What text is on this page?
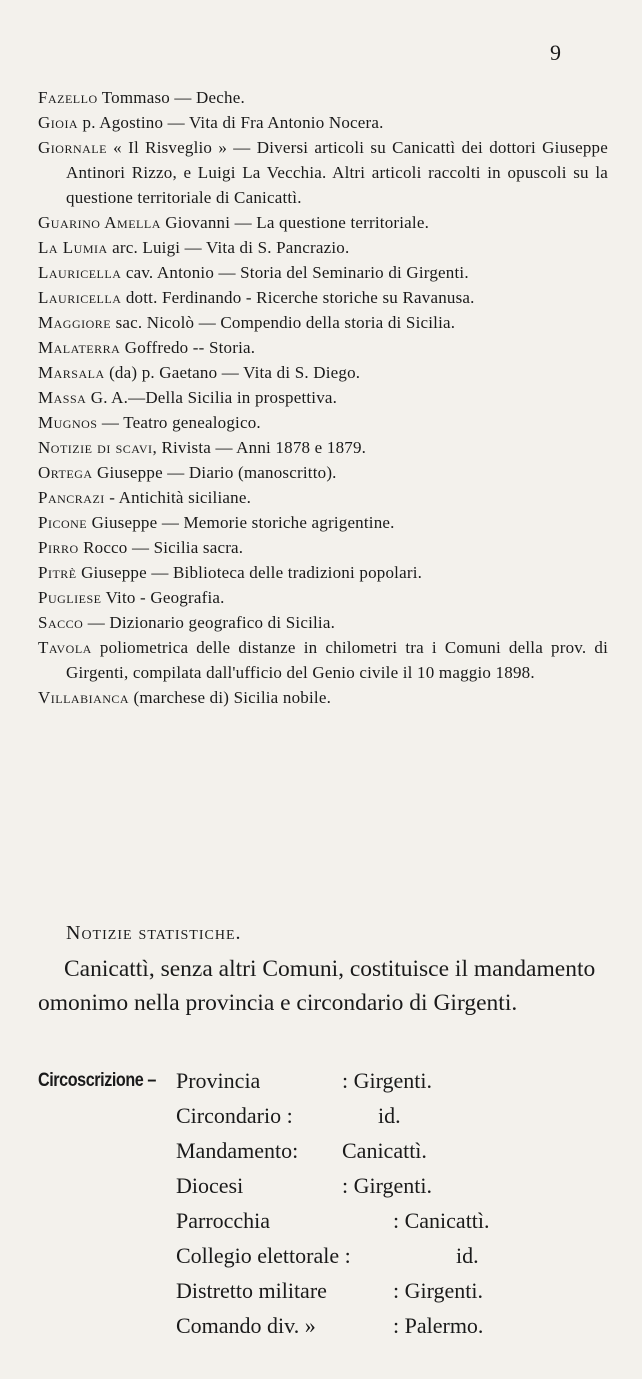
9

Fazello Tommaso — Deche.

Gioia p. Agostino — Vita di Fra Antonio Nocera.

Giornale « Il Risveglio » — Diversi articoli su Canicattì dei dottori Giuseppe Antinori Rizzo, e Luigi La Vecchia. Altri articoli raccolti in opuscoli su la questione territoriale di Canicattì.

Guarino Amella Giovanni — La questione territoriale.

La Lumia arc. Luigi — Vita di S. Pancrazio.

Lauricella cav. Antonio — Storia del Seminario di Girgenti.

Lauricella dott. Ferdinando - Ricerche storiche su Ravanusa.

Maggiore sac. Nicolò — Compendio della storia di Sicilia.

Malaterra Goffredo -- Storia.

Marsala (da) p. Gaetano — Vita di S. Diego.

Massa G. A.—Della Sicilia in prospettiva.

Mugnos — Teatro genealogico.

Notizie di scavi, Rivista — Anni 1878 e 1879.

Ortega Giuseppe — Diario (manoscritto).

Pancrazi - Antichità siciliane.

Picone Giuseppe — Memorie storiche agrigentine.

Pirro Rocco — Sicilia sacra.

Pitrè Giuseppe — Biblioteca delle tradizioni popolari.

Pugliese Vito - Geografia.

Sacco — Dizionario geografico di Sicilia.

Tavola poliometrica delle distanze in chilometri tra i Comuni della prov. di Girgenti, compilata dall'ufficio del Genio civile il 10 maggio 1898.

Villabianca (marchese di) Sicilia nobile.

Notizie statistiche.
Canicattì, senza altri Comuni, costituisce il mandamento omonimo nella provincia e circondario di Girgenti.
Circoscrizione – Provincia	: Girgenti.
Circondario :	id.
Mandamento: Canicattì.
Diocesi	: Girgenti.
Parrocchia	: Canicattì.
Collegio elettorale :	id.
Distretto militare	: Girgenti.
Comando div. »	: Palermo.
